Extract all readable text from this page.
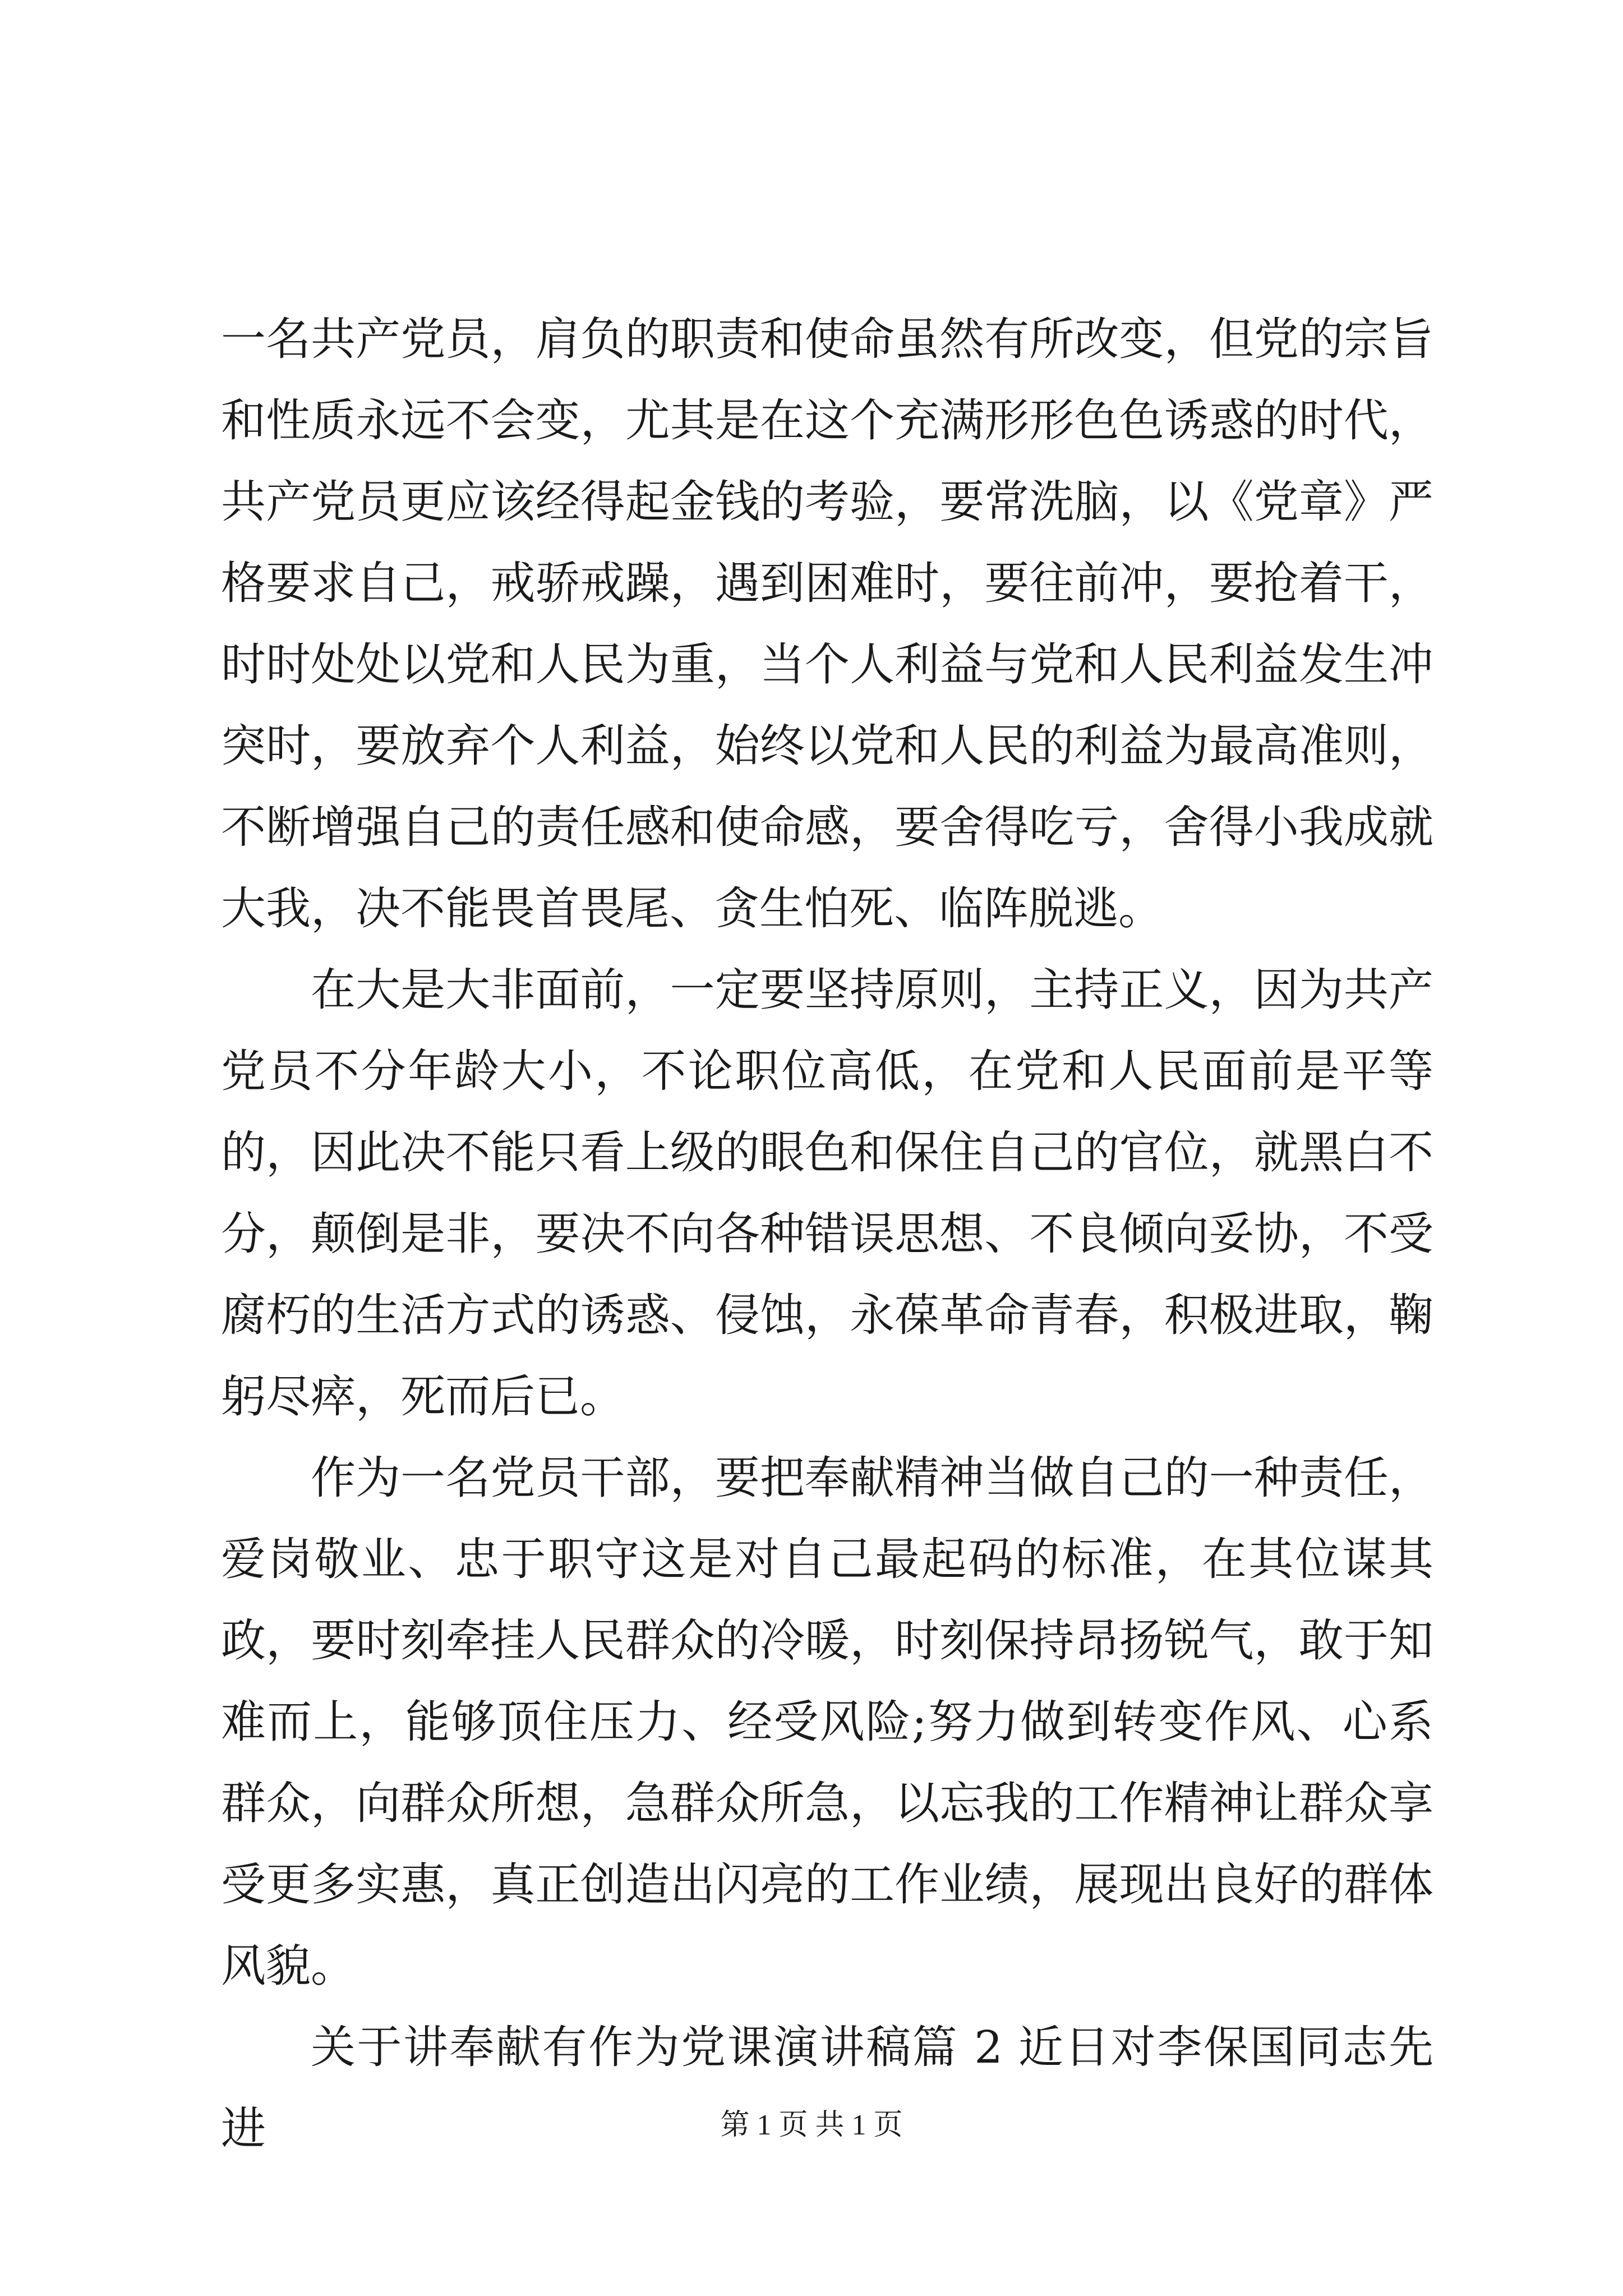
一名共产党员，肩负的职责和使命虽然有所改变，但党的宗旨和性质永远不会变，尤其是在这个充满形形色色诱惑的时代，共产党员更应该经得起金钱的考验，要常洗脑，以《党章》严格要求自己，戒骄戒躁，遇到困难时，要往前冲，要抢着干，时时处处以党和人民为重，当个人利益与党和人民利益发生冲突时，要放弃个人利益，始终以党和人民的利益为最高准则，不断增强自己的责任感和使命感，要舍得吃亏，舍得小我成就大我，决不能畏首畏尾、贪生怕死、临阵脱逃。

在大是大非面前，一定要坚持原则，主持正义，因为共产党员不分年龄大小，不论职位高低，在党和人民面前是平等的，因此决不能只看上级的眼色和保住自己的官位，就黑白不分，颠倒是非，要决不向各种错误思想、不良倾向妥协，不受腐朽的生活方式的诱惑、侵蚀，永葆革命青春，积极进取，鞠躬尽瘁，死而后已。

作为一名党员干部，要把奉献精神当做自己的一种责任，爱岗敬业、忠于职守这是对自己最起码的标准，在其位谋其政，要时刻牵挂人民群众的冷暖，时刻保持昂扬锐气，敢于知难而上，能够顶住压力、经受风险;努力做到转变作风、心系群众，向群众所想，急群众所急，以忘我的工作精神让群众享受更多实惠，真正创造出闪亮的工作业绩，展现出良好的群体风貌。

关于讲奉献有作为党课演讲稿篇 2 近日对李保国同志先进	第 1 页 共 1 页
